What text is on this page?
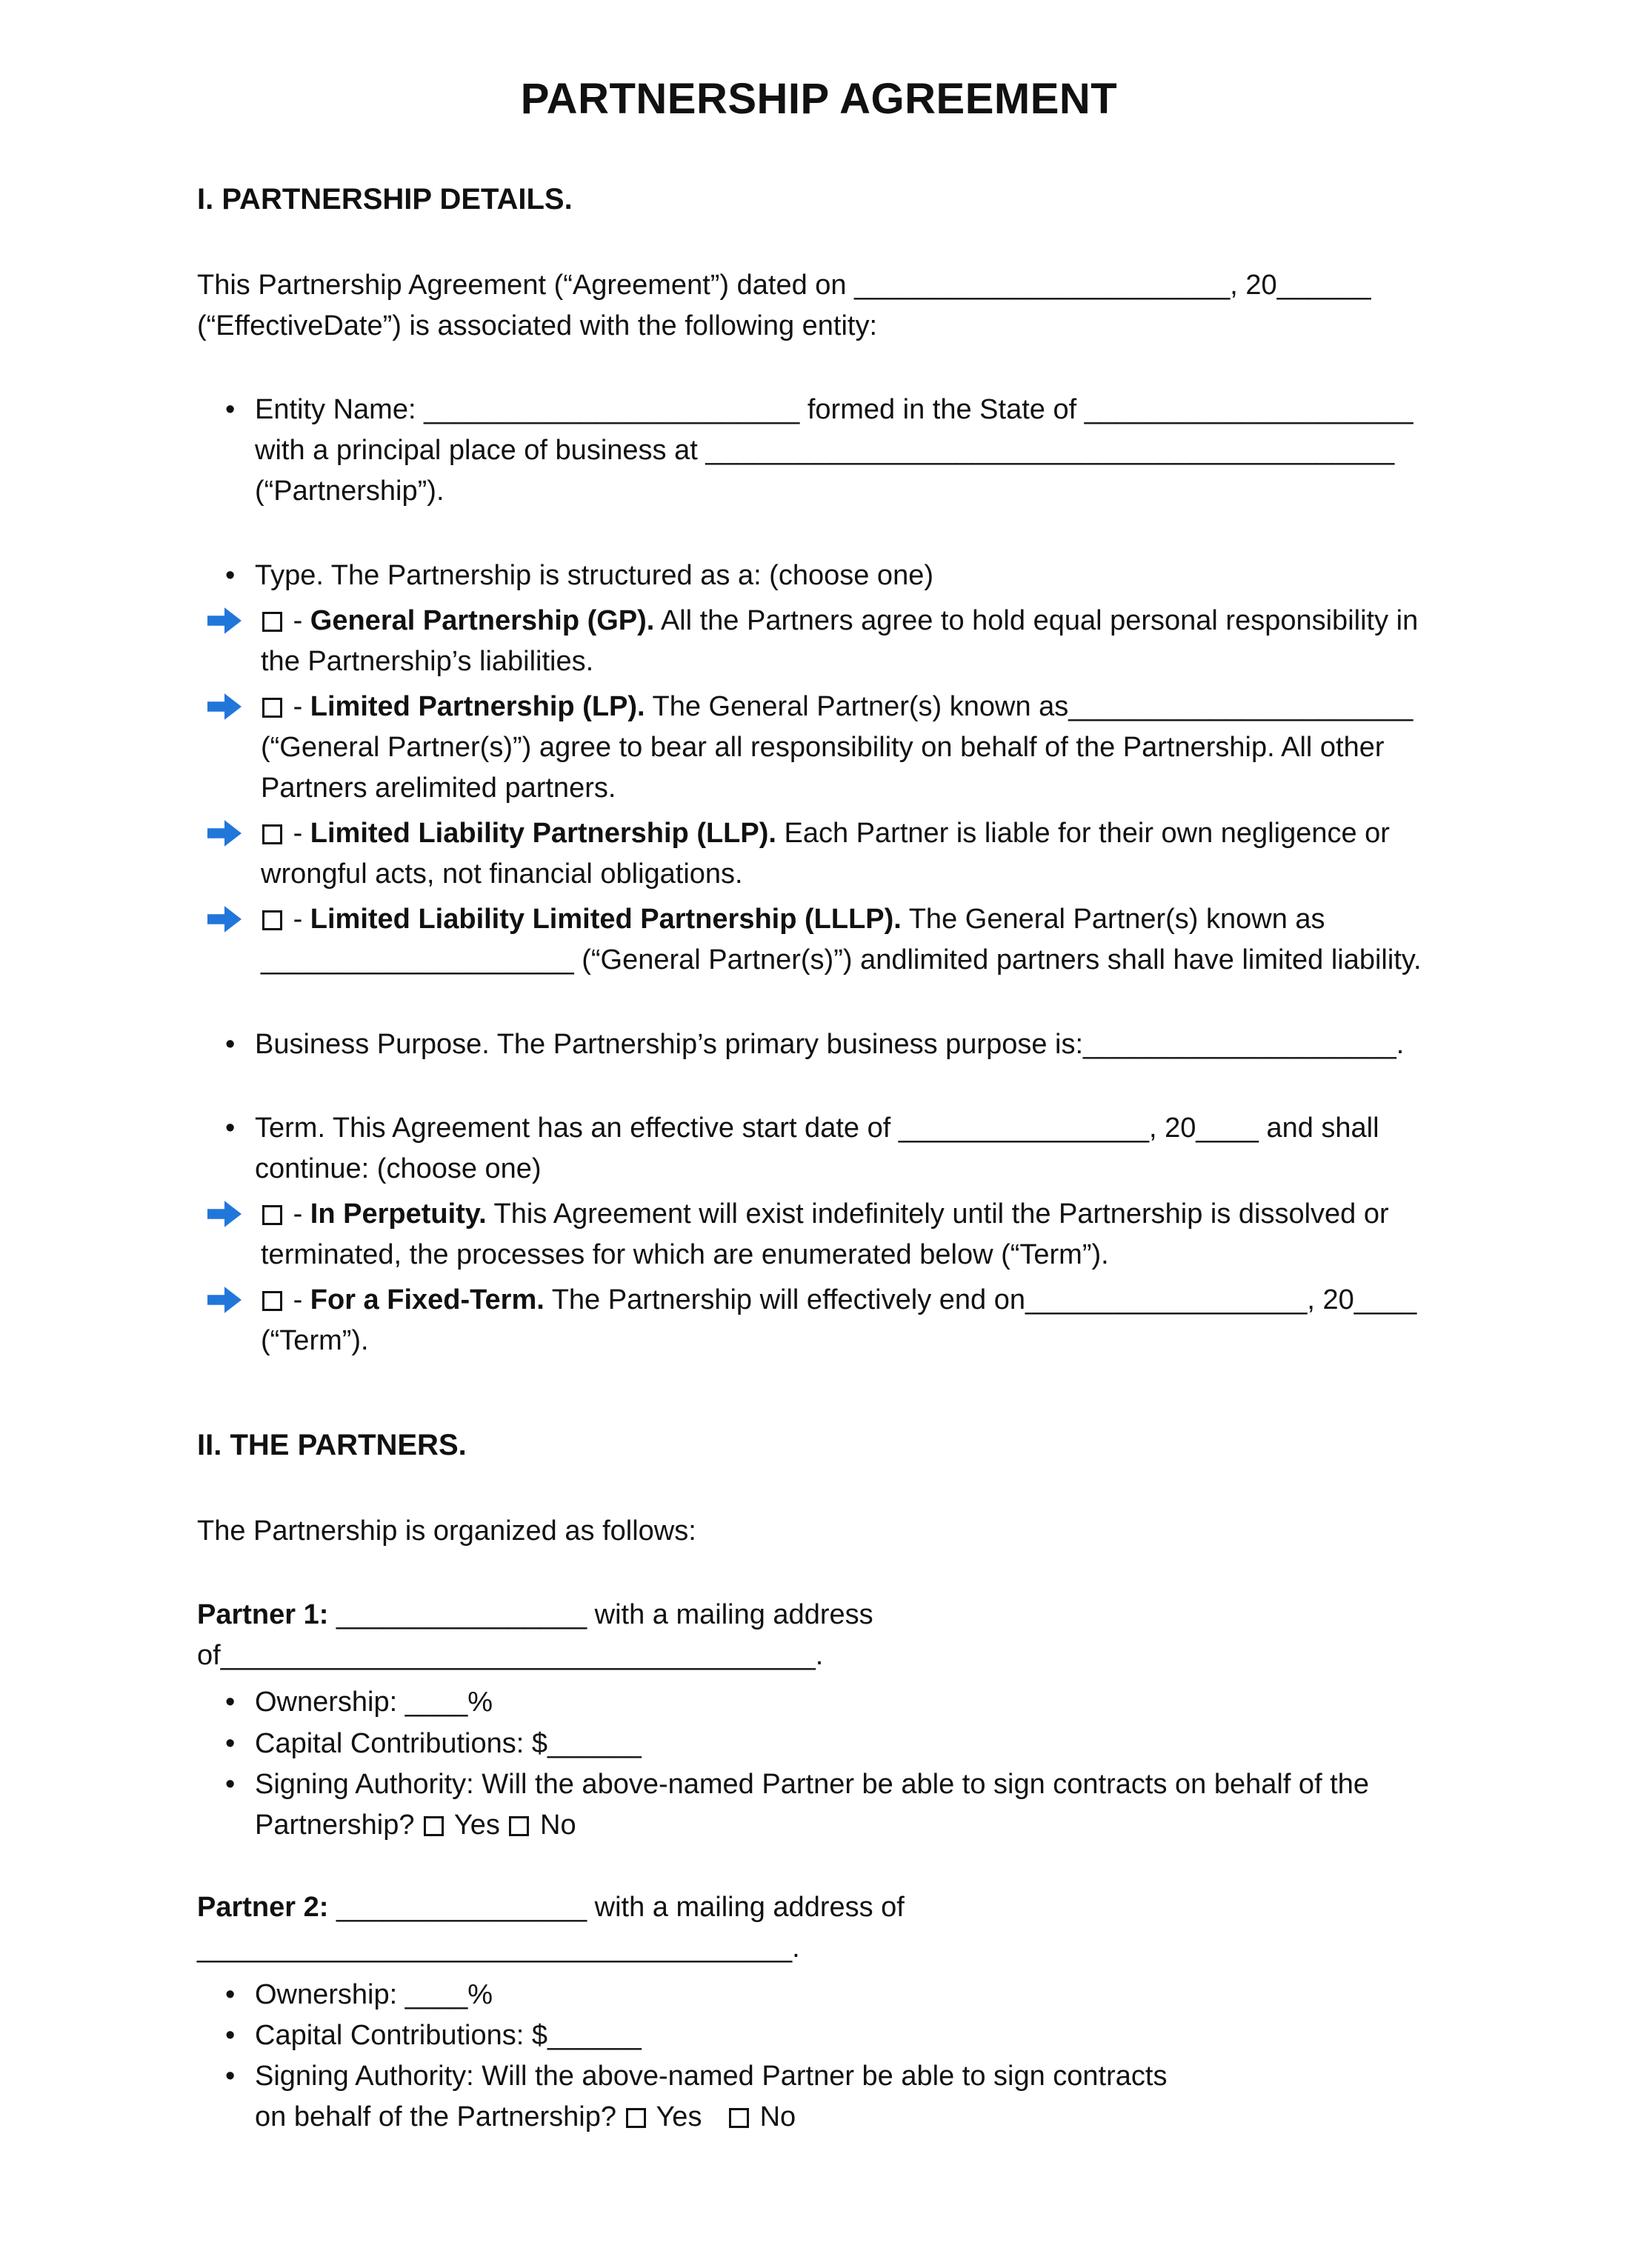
PARTNERSHIP AGREEMENT
I. PARTNERSHIP DETAILS.

This Partnership Agreement (“Agreement”) dated on ________________________, 20______ (“EffectiveDate”) is associated with the following entity:

• Entity Name: ________________________ formed in the State of _____________________ with a principal place of business at ____________________________________________ (“Partnership”).
• Type. The Partnership is structured as a: (choose one)
- General Partnership (GP). All the Partners agree to hold equal personal responsibility in the Partnership’s liabilities.
- Limited Partnership (LP). The General Partner(s) known as______________________ (“General Partner(s)”) agree to bear all responsibility on behalf of the Partnership. All other Partners arelimited partners.
- Limited Liability Partnership (LLP). Each Partner is liable for their own negligence or wrongful acts, not financial obligations.
- Limited Liability Limited Partnership (LLLP). The General Partner(s) known as ____________________ (“General Partner(s)”) andlimited partners shall have limited liability.
• Business Purpose. The Partnership’s primary business purpose is:____________________.
• Term. This Agreement has an effective start date of ________________, 20____ and shall continue: (choose one)
- In Perpetuity. This Agreement will exist indefinitely until the Partnership is dissolved or terminated, the processes for which are enumerated below (“Term”).
- For a Fixed-Term. The Partnership will effectively end on__________________, 20____ (“Term”).
II. THE PARTNERS.

The Partnership is organized as follows:

Partner 1: ________________ with a mailing address of______________________________________.

• Ownership: ____%
• Capital Contributions: $______
• Signing Authority: Will the above-named Partner be able to sign contracts on behalf of the Partnership? Yes No

Partner 2: ________________ with a mailing address of ______________________________________.

• Ownership: ____%
• Capital Contributions: $______
• Signing Authority: Will the above-named Partner be able to sign contracts
on behalf of the Partnership? Yes No
